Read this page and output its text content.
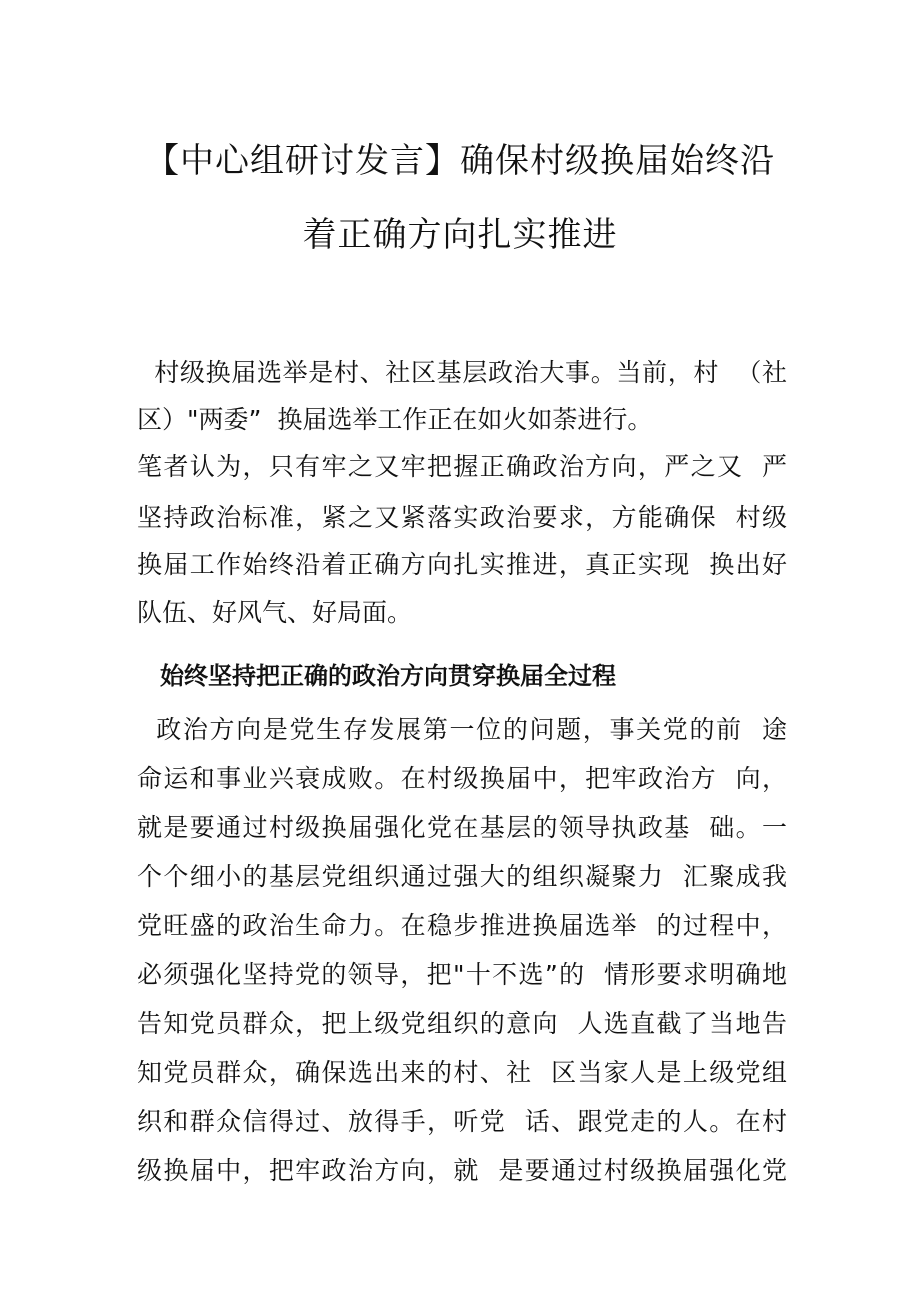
【中心组研讨发言】确保村级换届始终沿
着正确方向扎实推进
村级换届选举是村、社区基层政治大事。当前，村  （社
区）"两委”  换届选举工作正在如火如荼进行。
笔者认为，只有牢之又牢把握正确政治方向，严之又  严
坚持政治标准，紧之又紧落实政治要求，方能确保  村级
换届工作始终沿着正确方向扎实推进，真正实现  换出好
队伍、好风气、好局面。
始终坚持把正确的政治方向贯穿换届全过程
政治方向是党生存发展第一位的问题，事关党的前  途
命运和事业兴衰成败。在村级换届中，把牢政治方  向，
就是要通过村级换届强化党在基层的领导执政基  础。一
个个细小的基层党组织通过强大的组织凝聚力  汇聚成我
党旺盛的政治生命力。在稳步推进换届选举  的过程中，
必须强化坚持党的领导，把"十不选”的  情形要求明确地
告知党员群众，把上级党组织的意向  人选直截了当地告
知党员群众，确保选出来的村、社  区当家人是上级党组
织和群众信得过、放得手，听党  话、跟党走的人。在村
级换届中，把牢政治方向，就  是要通过村级换届强化党
